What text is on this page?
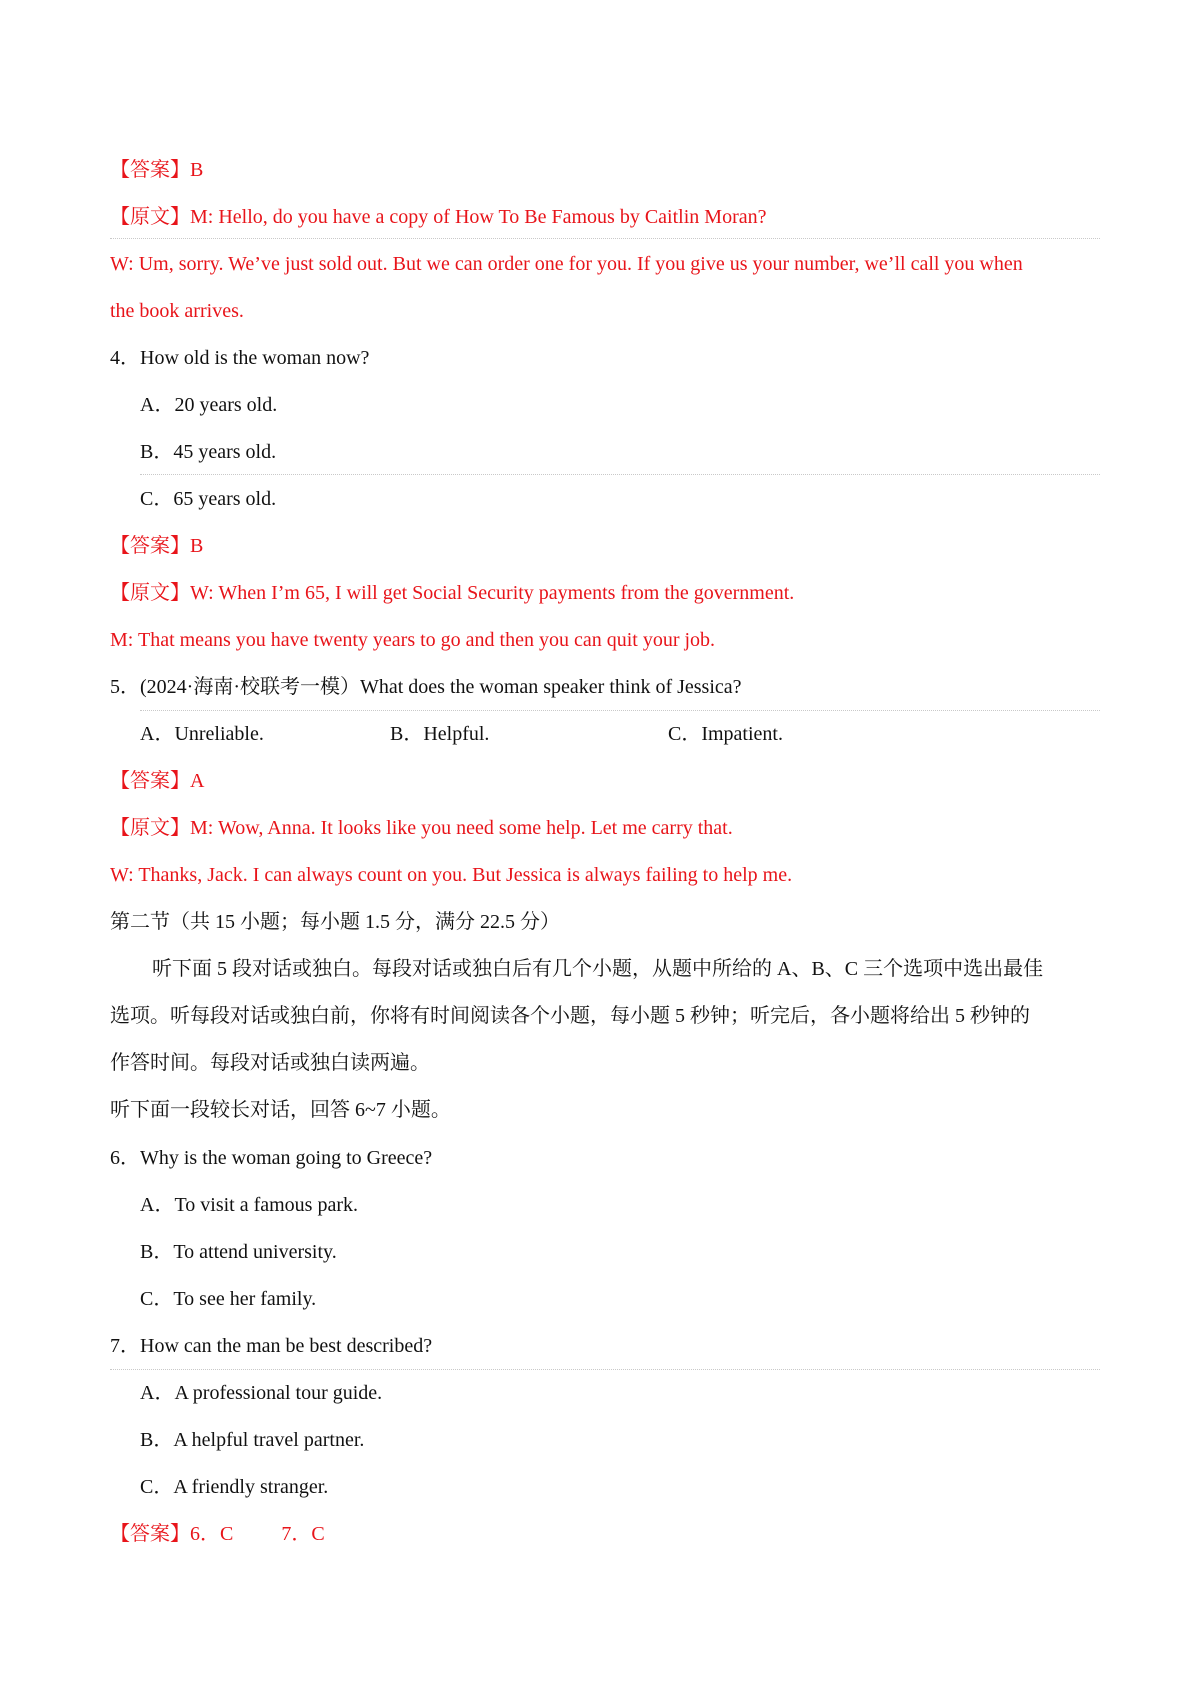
【答案】B
【原文】M: Hello, do you have a copy of How To Be Famous by Caitlin Moran?
W: Um, sorry. We’ve just sold out. But we can order one for you. If you give us your number, we’ll call you when
the book arrives.
4．How old is the woman now?
A．20 years old.
B．45 years old.
C．65 years old.
【答案】B
【原文】W: When I’m 65, I will get Social Security payments from the government.
M: That means you have twenty years to go and then you can quit your job.
5．(2024·海南·校联考一模）What does the woman speaker think of Jessica?
A．Unreliable.	B．Helpful.	C．Impatient.
【答案】A
【原文】M: Wow, Anna. It looks like you need some help. Let me carry that.
W: Thanks, Jack. I can always count on you. But Jessica is always failing to help me.
第二节（共 15 小题；每小题 1.5 分，满分 22.5 分）
听下面 5 段对话或独白。每段对话或独白后有几个小题，从题中所给的 A、B、C 三个选项中选出最佳
选项。听每段对话或独白前，你将有时间阅读各个小题，每小题 5 秒钟；听完后，各小题将给出 5 秒钟的
作答时间。每段对话或独白读两遍。
听下面一段较长对话，回答 6~7 小题。
6．Why is the woman going to Greece?
A．To visit a famous park.
B．To attend university.
C．To see her family.
7．How can the man be best described?
A．A professional tour guide.
B．A helpful travel partner.
C．A friendly stranger.
【答案】6．C 7．C
